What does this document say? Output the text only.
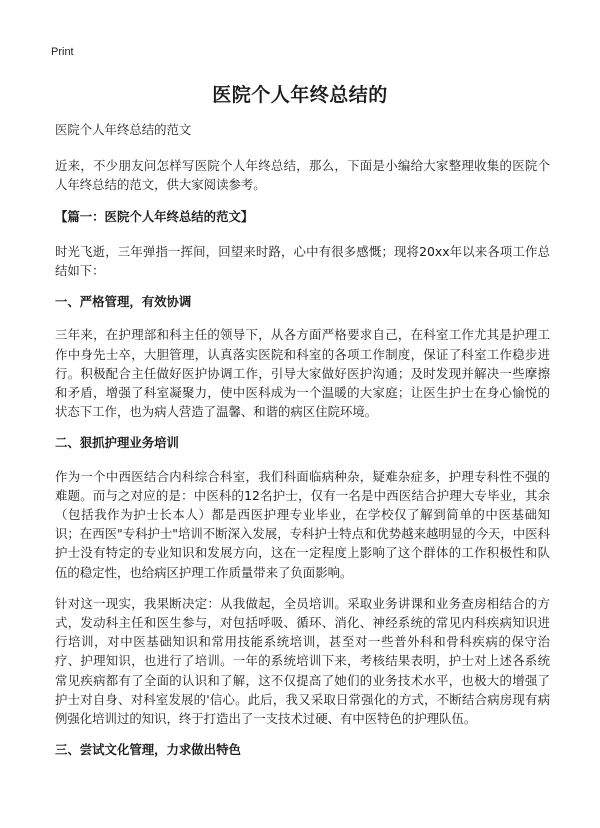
Print
医院个人年终总结的

医院个人年终总结的范文

近来，不少朋友问怎样写医院个人年终总结，那么，下面是小编给大家整理收集的医院个人年终总结的范文，供大家阅读参考。

【篇一：医院个人年终总结的范文】

时光飞逝，三年弹指一挥间，回望来时路，心中有很多感慨；现将20xx年以来各项工作总结如下：

一、严格管理，有效协调

三年来，在护理部和科主任的领导下，从各方面严格要求自己，在科室工作尤其是护理工作中身先士卒，大胆管理，认真落实医院和科室的各项工作制度，保证了科室工作稳步进行。积极配合主任做好医护协调工作，引导大家做好医护沟通；及时发现并解决一些摩擦和矛盾，增强了科室凝聚力，使中医科成为一个温暖的大家庭；让医生护士在身心愉悦的状态下工作，也为病人营造了温馨、和谐的病区住院环境。

二、狠抓护理业务培训

作为一个中西医结合内科综合科室，我们科面临病种杂，疑难杂症多，护理专科性不强的难题。而与之对应的是：中医科的12名护士，仅有一名是中西医结合护理大专毕业，其余（包括我作为护士长本人）都是西医护理专业毕业，在学校仅了解到简单的中医基础知识；在西医"专科护士"培训不断深入发展，专科护士特点和优势越来越明显的今天，中医科护士没有特定的专业知识和发展方向，这在一定程度上影响了这个群体的工作积极性和队伍的稳定性，也给病区护理工作质量带来了负面影响。

针对这一现实，我果断决定：从我做起，全员培训。采取业务讲课和业务查房相结合的方式，发动科主任和医生参与，对包括呼吸、循环、消化、神经系统的常见内科疾病知识进行培训，对中医基础知识和常用技能系统培训，甚至对一些普外科和骨科疾病的保守治疗、护理知识，也进行了培训。一年的系统培训下来，考核结果表明，护士对上述各系统常见疾病都有了全面的认识和了解，这不仅提高了她们的业务技术水平，也极大的增强了护士对自身、对科室发展的'信心。此后，我又采取日常强化的方式，不断结合病房现有病例强化培训过的知识，终于打造出了一支技术过硬、有中医特色的护理队伍。

三、尝试文化管理，力求做出特色
